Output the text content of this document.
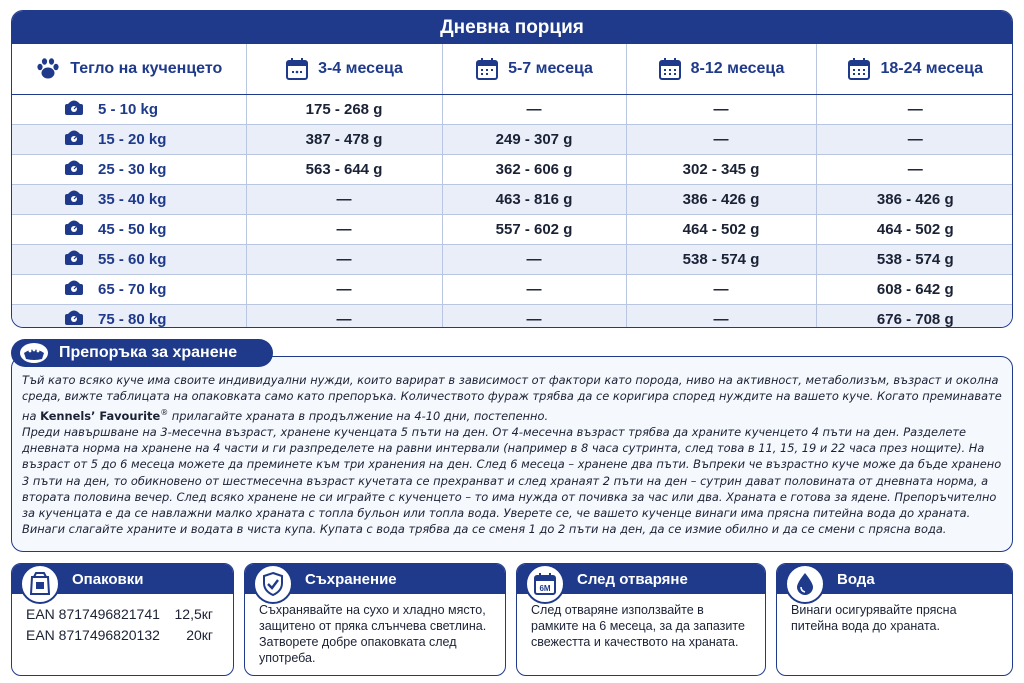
Дневна порция
Тегло на кученцето	3-4 месеца	5-7 месеца	8-12 месеца	18-24 месеца

5 - 10 kg	175 - 268 g	—	—	—

15 - 20 kg	387 - 478 g	249 - 307 g	—	—

25 - 30 kg	563 - 644 g	362 - 606 g	302 - 345 g	—

35 - 40 kg	—	463 - 816 g	386 - 426 g	386 - 426 g

45 - 50 kg	—	557 - 602 g	464 - 502 g	464 - 502 g

55 - 60 kg	—	—	538 - 574 g	538 - 574 g

65 - 70 kg	—	—	—	608 - 642 g

75 - 80 kg	—	—	—	676 - 708 g
Препоръка за хранене
Тъй като всяко куче има своите индивидуални нужди, които варират в зависимост от фактори като порода, ниво на активност, метаболизъм, възраст и околна среда, вижте таблицата на опаковката само като препоръка. Количеството фураж трябва да се коригира според нуждите на вашето куче. Когато преминавате на Kennels’ Favourite® прилагайте храната в продължение на 4-10 дни, постепенно.
Преди навършване на 3-месечна възраст, хранене кученцата 5 пъти на ден. От 4-месечна възраст трябва да храните кученцето 4 пъти на ден. Разделете дневната норма на хранене на 4 части и ги разпределете на равни интервали (например в 8 часа сутринта, след това в 11, 15, 19 и 22 часа през нощите). На възраст от 5 до 6 месеца можете да преминете към три хранения на ден. След 6 месеца – хранене два пъти. Въпреки че възрастно куче може да бъде хранено 3 пъти на ден, то обикновено от шестмесечна възраст кучетата се прехранват и след хранаят 2 пъти на ден – сутрин дават половината от дневната норма, а втората половина вечер. След всяко хранене не си играйте с кученцето – то има нужда от почивка за час или два. Храната е готова за ядене. Препоръчително за кученцата е да се навлажни малко храната с топла бульон или топла вода. Уверете се, че вашето кученце винаги има прясна питейна вода до храната. Винаги слагайте храните и водата в чиста купа. Купата с вода трябва да се сменя 1 до 2 пъти на ден, да се измие обилно и да се смени с прясна вода.
Опаковки
EAN 8717496821741 12,5кг
EAN 8717496820132 20кг
Съхранение
Съхранявайте на сухо и хладно място, защитено от пряка слънчева светлина. Затворете добре опаковката след употреба.
6M
След отваряне
След отваряне използвайте в рамките на 6 месеца, за да запазите свежестта и качеството на храната.
Вода
Винаги осигурявайте прясна питейна вода до храната.
